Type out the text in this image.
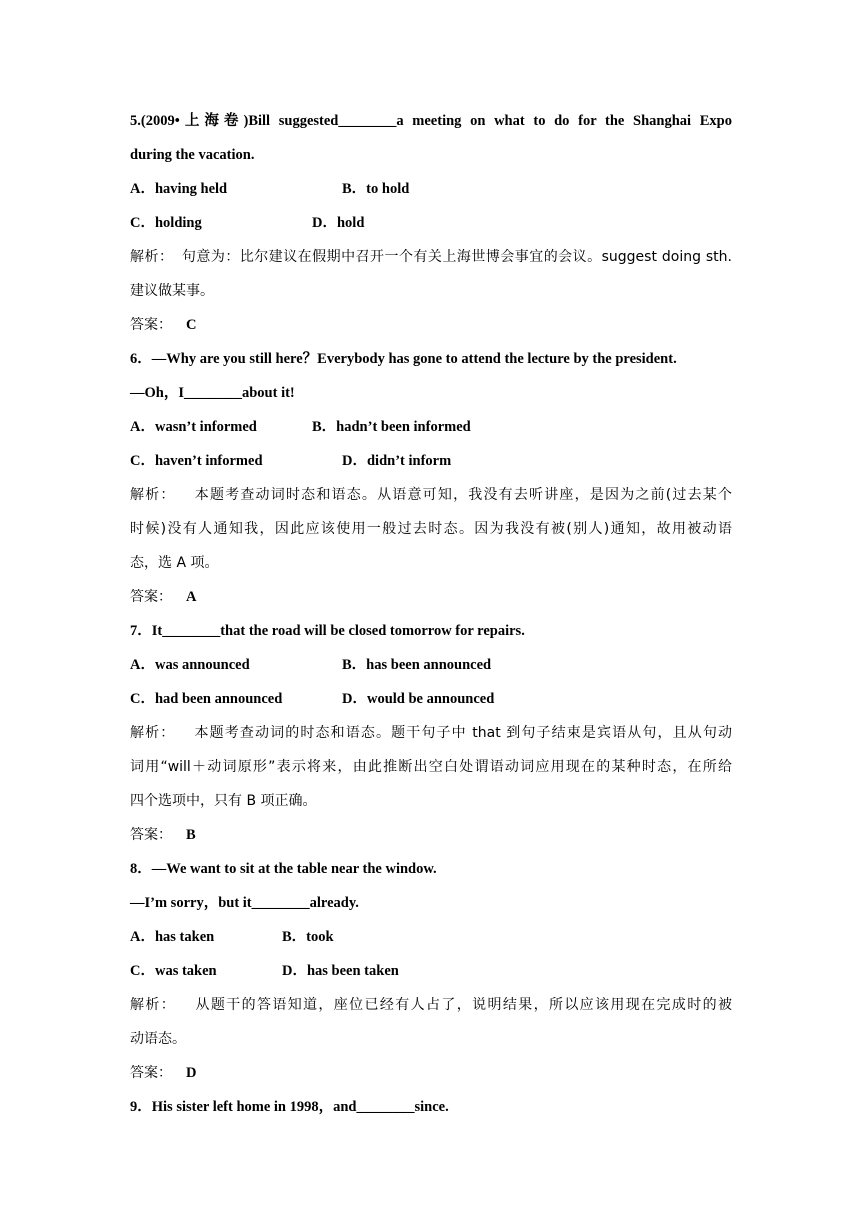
5.(2009•上海卷)Bill suggested________a meeting on what to do for the Shanghai Expo
during the vacation.
A．having held	B．to hold
C．holding	D．hold
解析： 句意为：比尔建议在假期中召开一个有关上海世博会事宜的会议。suggest doing sth.
建议做某事。
答案： C
6．—Why are you still here？Everybody has gone to attend the lecture by the president.
—Oh，I________about it!
A．wasn’t informed	B．hadn’t been informed
C．haven’t informed	D．didn’t inform
解析： 本题考查动词时态和语态。从语意可知，我没有去听讲座，是因为之前(过去某个
时候)没有人通知我，因此应该使用一般过去时态。因为我没有被(别人)通知，故用被动语
态，选 A 项。
答案： A
7．It________that the road will be closed tomorrow for repairs.
A．was announced	B．has been announced
C．had been announced	D．would be announced
解析： 本题考查动词的时态和语态。题干句子中 that 到句子结束是宾语从句，且从句动
词用“will＋动词原形”表示将来，由此推断出空白处谓语动词应用现在的某种时态，在所给
四个选项中，只有 B 项正确。
答案： B
8．—We want to sit at the table near the window.
—I’m sorry，but it________already.
A．has taken	B．took
C．was taken	D．has been taken
解析： 从题干的答语知道，座位已经有人占了，说明结果，所以应该用现在完成时的被
动语态。
答案： D
9．His sister left home in 1998，and________since.
